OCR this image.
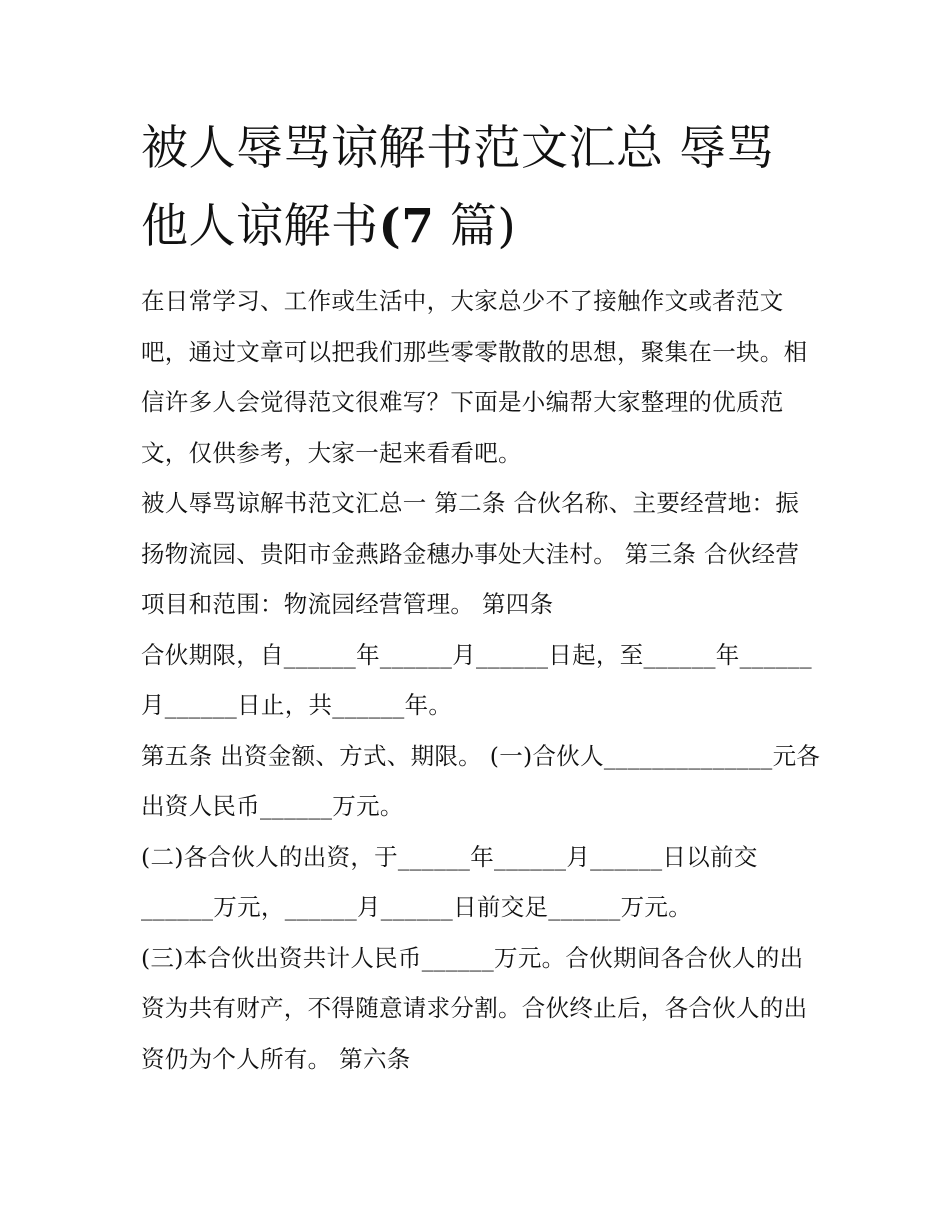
被人辱骂谅解书范文汇总 辱骂
他人谅解书(7 篇)

在日常学习、工作或生活中，大家总少不了接触作文或者范文吧，通过文章可以把我们那些零零散散的思想，聚集在一块。相信许多人会觉得范文很难写？下面是小编帮大家整理的优质范文，仅供参考，大家一起来看看吧。

被人辱骂谅解书范文汇总一 第二条 合伙名称、主要经营地：振扬物流园、贵阳市金燕路金穗办事处大洼村。 第三条 合伙经营项目和范围：物流园经营管理。 第四条

合伙期限，自______年______月______日起，至______年______月______日止，共______年。

第五条 出资金额、方式、期限。 (一)合伙人______________元各出资人民币______万元。

(二)各合伙人的出资，于______年______月______日以前交______万元，______月______日前交足______万元。

(三)本合伙出资共计人民币______万元。合伙期间各合伙人的出资为共有财产，不得随意请求分割。合伙终止后，各合伙人的出资仍为个人所有。 第六条
